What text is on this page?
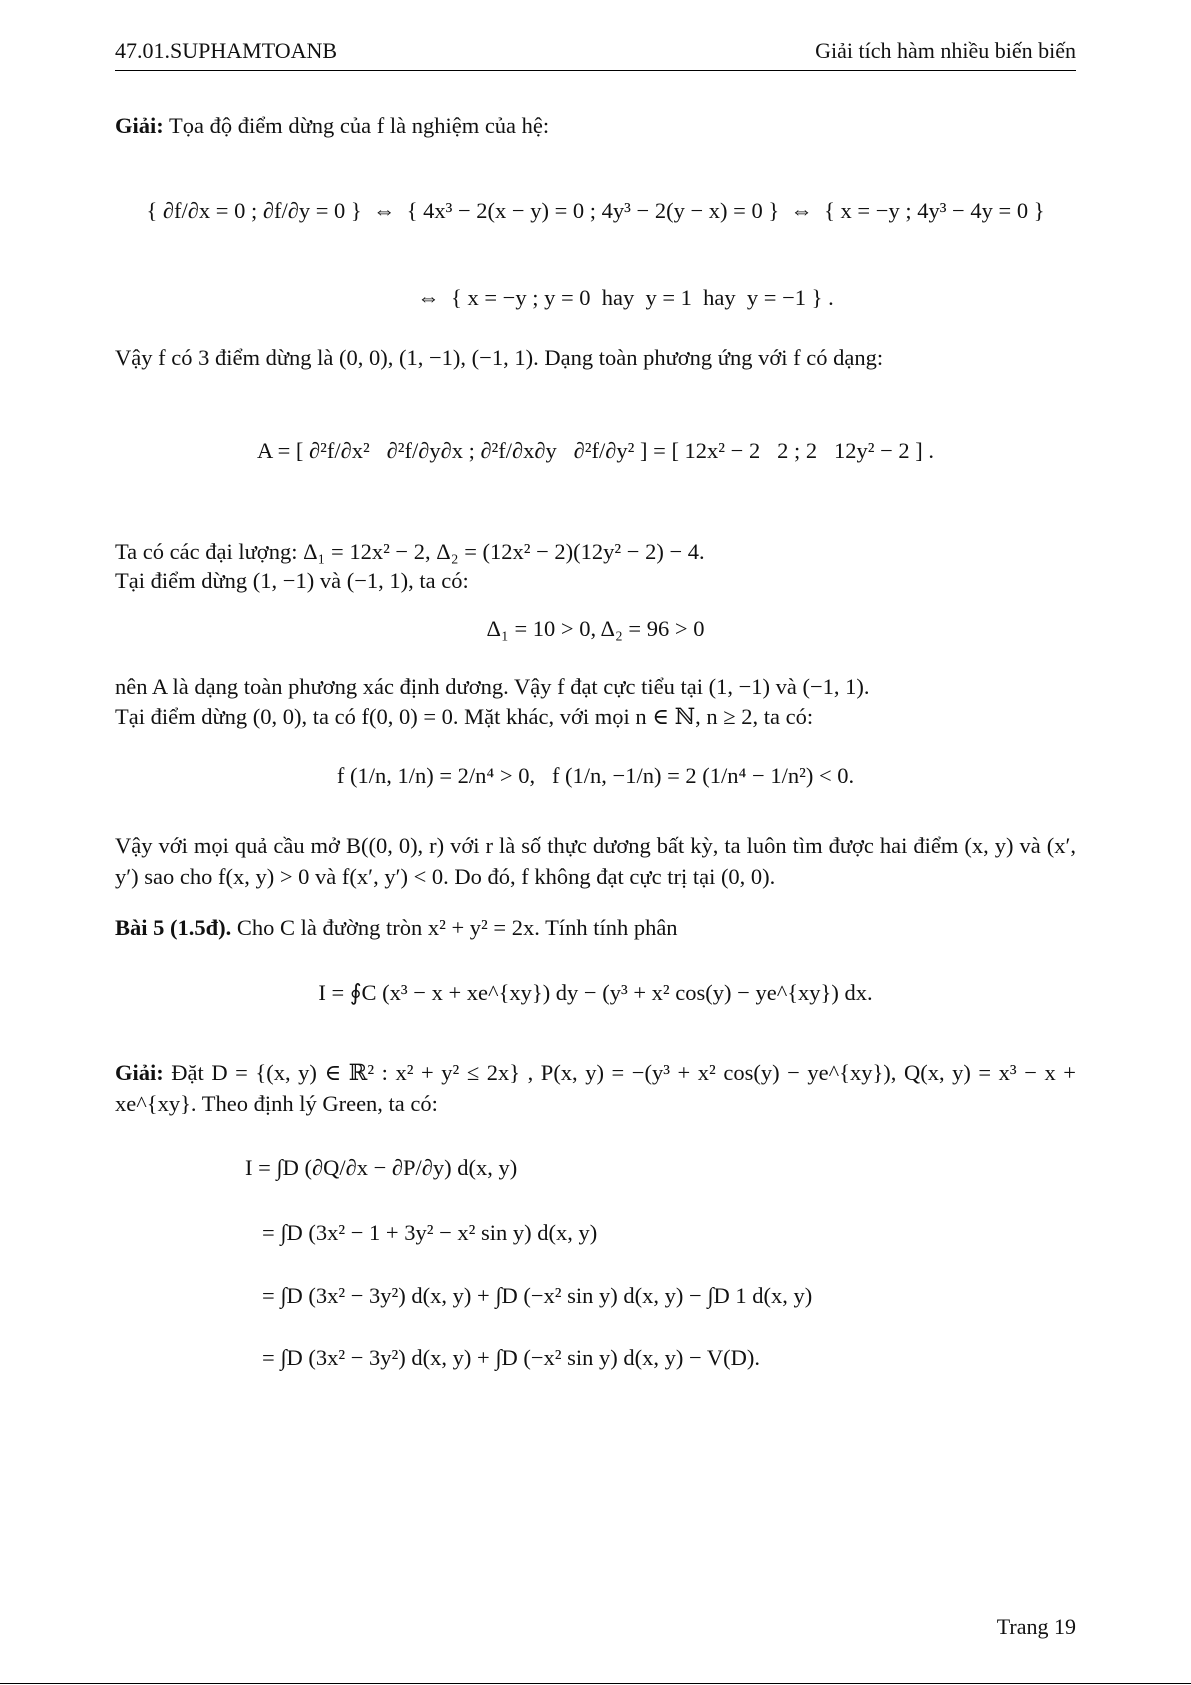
47.01.SUPHAMTOANB	Giải tích hàm nhiều biến biến
Giải: Tọa độ điểm dừng của f là nghiệm của hệ:
{ ∂f/∂x = 0 ; ∂f/∂y = 0 }  ⇔  { 4x³ − 2(x − y) = 0 ; 4y³ − 2(y − x) = 0 }  ⇔  { x = −y ; 4y³ − 4y = 0 }
⇔  { x = −y ; y = 0  hay  y = 1  hay  y = −1 } .
Vậy f có 3 điểm dừng là (0, 0), (1, −1), (−1, 1). Dạng toàn phương ứng với f có dạng:
A = [ ∂²f/∂x²   ∂²f/∂y∂x ; ∂²f/∂x∂y   ∂²f/∂y² ] = [ 12x² − 2   2 ; 2   12y² − 2 ] .
Ta có các đại lượng: Δ₁ = 12x² − 2, Δ₂ = (12x² − 2)(12y² − 2) − 4.
Tại điểm dừng (1, −1) và (−1, 1), ta có:
Δ₁ = 10 > 0, Δ₂ = 96 > 0
nên A là dạng toàn phương xác định dương. Vậy f đạt cực tiểu tại (1, −1) và (−1, 1).
Tại điểm dừng (0, 0), ta có f(0, 0) = 0. Mặt khác, với mọi n ∈ ℕ, n ≥ 2, ta có:
f (1/n, 1/n) = 2/n⁴ > 0,   f (1/n, −1/n) = 2 (1/n⁴ − 1/n²) < 0.
Vậy với mọi quả cầu mở B((0, 0), r) với r là số thực dương bất kỳ, ta luôn tìm được hai điểm (x, y) và (x′, y′) sao cho f(x, y) > 0 và f(x′, y′) < 0. Do đó, f không đạt cực trị tại (0, 0).
Bài 5 (1.5đ). Cho C là đường tròn x² + y² = 2x. Tính tính phân
I = ∮C (x³ − x + xe^{xy}) dy − (y³ + x² cos(y) − ye^{xy}) dx.
Giải: Đặt D = {(x, y) ∈ ℝ² : x² + y² ≤ 2x} , P(x, y) = −(y³ + x² cos(y) − ye^{xy}), Q(x, y) = x³ − x + xe^{xy}. Theo định lý Green, ta có:
I = ∫D (∂Q/∂x − ∂P/∂y) d(x, y)
= ∫D (3x² − 1 + 3y² − x² sin y) d(x, y)
= ∫D (3x² − 3y²) d(x, y) + ∫D (−x² sin y) d(x, y) − ∫D 1 d(x, y)
= ∫D (3x² − 3y²) d(x, y) + ∫D (−x² sin y) d(x, y) − V(D).
Trang 19
